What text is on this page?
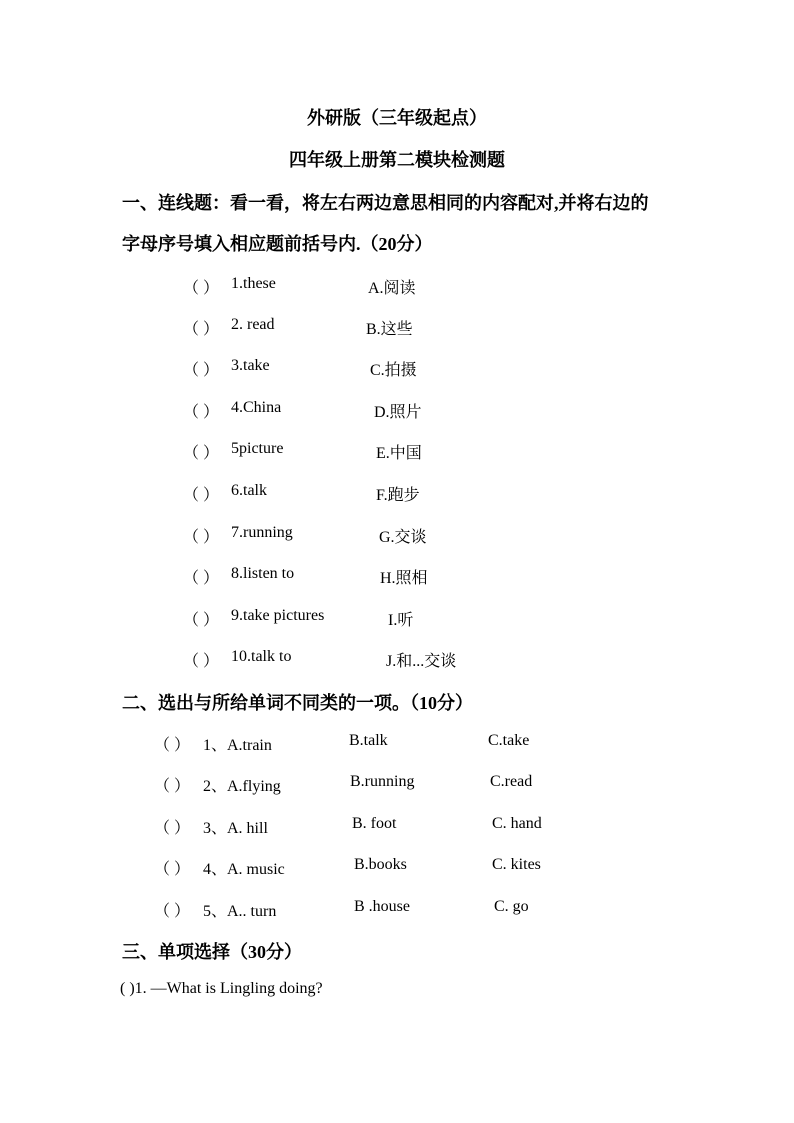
外研版（三年级起点）
四年级上册第二模块检测题
一、连线题：看一看，将左右两边意思相同的内容配对,并将右边的
字母序号填入相应题前括号内.（20分）
（ ） 1.these	A.阅读
（ ） 2. read	B.这些
（ ） 3.take	C.拍摄
（ ） 4.China	D.照片
（ ） 5picture	E.中国
（ ） 6.talk	F.跑步
（ ） 7.running	G.交谈
（ ） 8.listen to	H.照相
（ ） 9.take pictures	I.听
（ ） 10.talk to	J.和...交谈
二、选出与所给单词不同类的一项。（10分）
（ ） 1、A.train	B.talk	C.take
（ ） 2、A.flying	B.running	C.read
（ ） 3、A. hill	B. foot	C. hand
（ ） 4、A. music	B.books	C. kites
（ ） 5、A.. turn	B .house	C. go
三、单项选择（30分）
( )1. —What is Lingling doing?
